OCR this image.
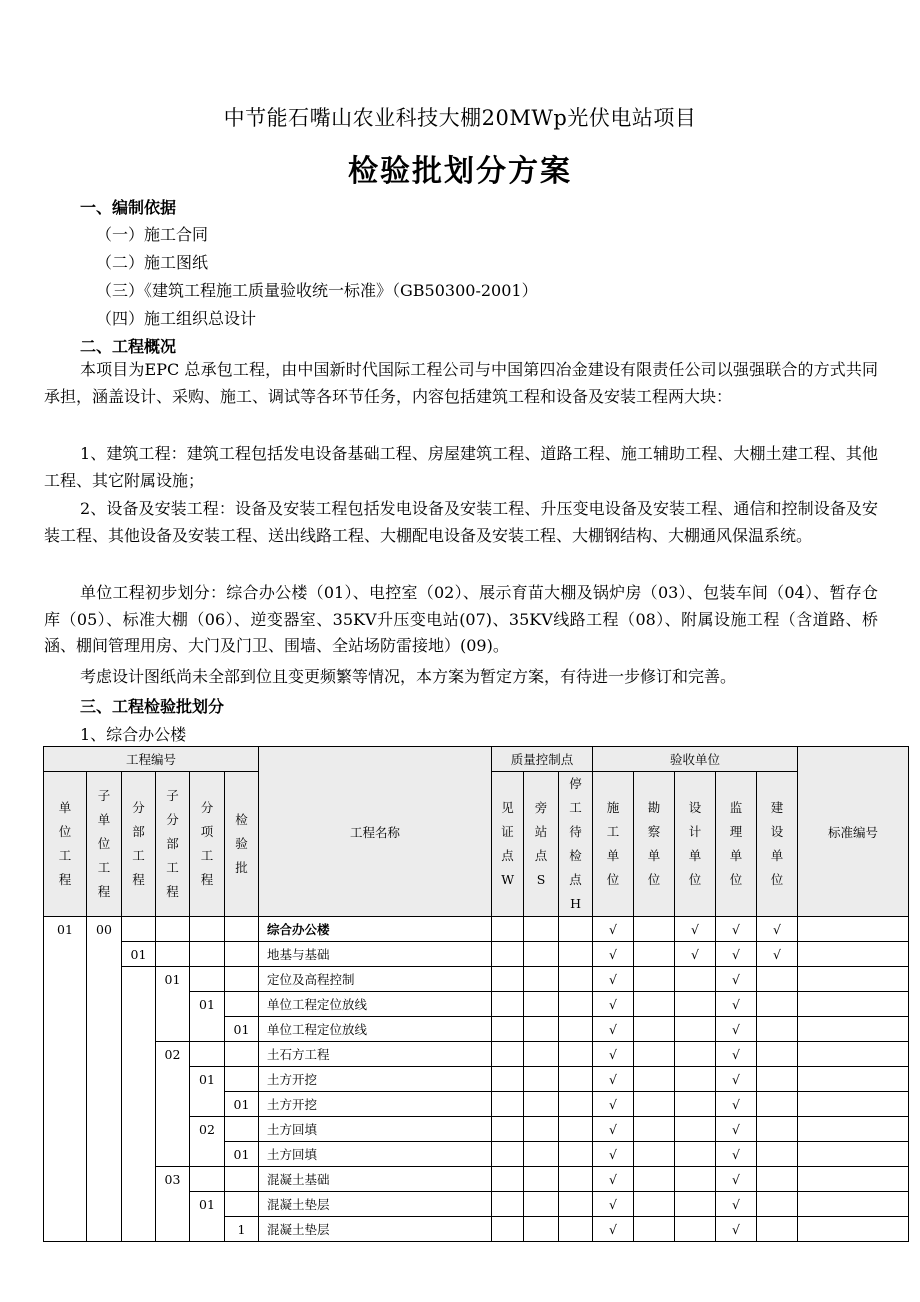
中节能石嘴山农业科技大棚20MWp光伏电站项目
检验批划分方案
一、编制依据
（一）施工合同
（二）施工图纸
（三）《建筑工程施工质量验收统一标准》（GB50300-2001）
（四）施工组织总设计
二、工程概况
本项目为EPC 总承包工程，由中国新时代国际工程公司与中国第四冶金建设有限责任公司以强强联合的方式共同承担，涵盖设计、采购、施工、调试等各环节任务，内容包括建筑工程和设备及安装工程两大块：
1、建筑工程：建筑工程包括发电设备基础工程、房屋建筑工程、道路工程、施工辅助工程、大棚土建工程、其他工程、其它附属设施；
2、设备及安装工程：设备及安装工程包括发电设备及安装工程、升压变电设备及安装工程、通信和控制设备及安装工程、其他设备及安装工程、送出线路工程、大棚配电设备及安装工程、大棚钢结构、大棚通风保温系统。
单位工程初步划分：综合办公楼（01）、电控室（02）、展示育苗大棚及锅炉房（03）、包装车间（04）、暂存仓库（05）、标准大棚（06）、逆变器室、35KV升压变电站(07)、35KV线路工程（08）、附属设施工程（含道路、桥涵、棚间管理用房、大门及门卫、围墙、全站场防雷接地）(09)。
考虑设计图纸尚未全部到位且变更频繁等情况，本方案为暂定方案，有待进一步修订和完善。
三、工程检验批划分
1、综合办公楼
工程编号						工程名称	质量控制点			验收单位					标准编号
单位工程	子单位工程	分部工程	子分部工程	分项工程	检验批		见证点W	旁站点S	停工待检点H	施工单位	勘察单位	设计单位	监理单位	建设单位	
01	00					综合办公楼				√		√	√	√	
		01				地基与基础				√		√	√	√	
			01			定位及高程控制				√			√		
				01		单位工程定位放线				√			√		
					01	单位工程定位放线				√			√		
			02			土石方工程				√			√		
				01		土方开挖				√			√		
					01	土方开挖				√			√		
				02		土方回填				√			√		
					01	土方回填				√			√		
			03			混凝土基础				√			√		
				01		混凝土垫层				√			√		
					1	混凝土垫层				√			√		
